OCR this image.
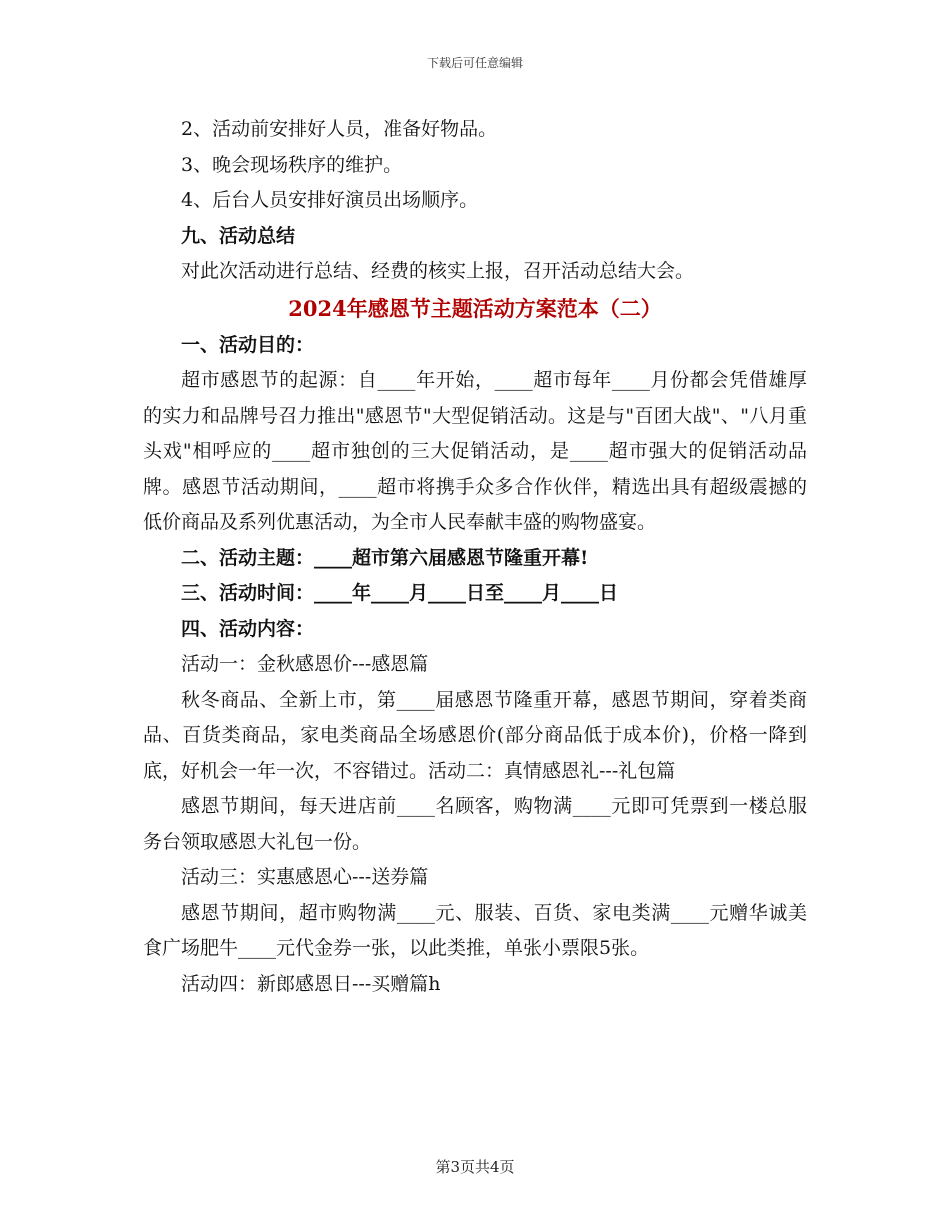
下载后可任意编辑

2、活动前安排好人员，准备好物品。

3、晚会现场秩序的维护。

4、后台人员安排好演员出场顺序。

九、活动总结

对此次活动进行总结、经费的核实上报，召开活动总结大会。

2024年感恩节主题活动方案范本（二）

一、活动目的：

超市感恩节的起源：自____年开始，____超市每年____月份都会凭借雄厚的实力和品牌号召力推出"感恩节"大型促销活动。这是与"百团大战"、"八月重头戏"相呼应的____超市独创的三大促销活动，是____超市强大的促销活动品牌。感恩节活动期间，____超市将携手众多合作伙伴，精选出具有超级震撼的低价商品及系列优惠活动，为全市人民奉献丰盛的购物盛宴。

二、活动主题：____超市第六届感恩节隆重开幕!

三、活动时间：____年____月____日至____月____日

四、活动内容：

活动一：金秋感恩价---感恩篇

秋冬商品、全新上市，第____届感恩节隆重开幕，感恩节期间，穿着类商品、百货类商品，家电类商品全场感恩价(部分商品低于成本价)，价格一降到底，好机会一年一次，不容错过。活动二：真情感恩礼---礼包篇

感恩节期间，每天进店前____名顾客，购物满____元即可凭票到一楼总服务台领取感恩大礼包一份。

活动三：实惠感恩心---送券篇

感恩节期间，超市购物满____元、服装、百货、家电类满____元赠华诚美食广场肥牛____元代金券一张，以此类推，单张小票限5张。

活动四：新郎感恩日---买赠篇h

第3页共4页
